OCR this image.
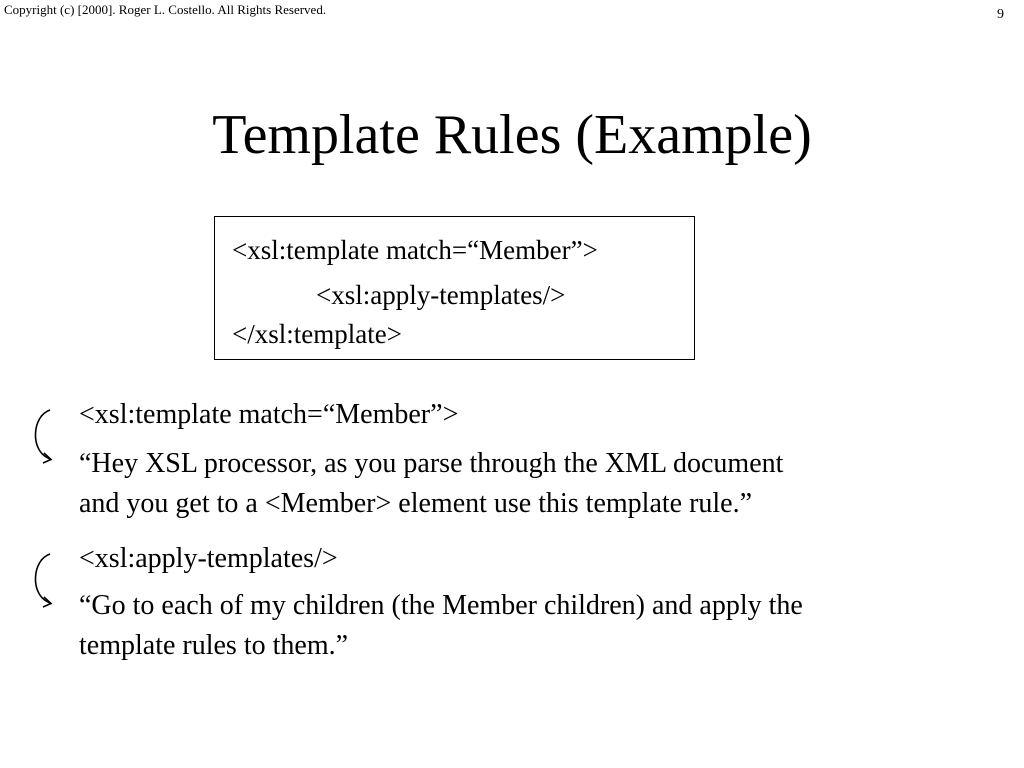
Copyright (c) [2000]. Roger L. Costello. All Rights Reserved.	9
Template Rules (Example)
<xsl:template match=“Member”>
<xsl:apply-templates/>
</xsl:template>
<xsl:template match=“Member”>
“Hey XSL processor, as you parse through the XML document
and you get to a <Member> element use this template rule.”
<xsl:apply-templates/>
“Go to each of my children (the Member children) and apply the
template rules to them.”
